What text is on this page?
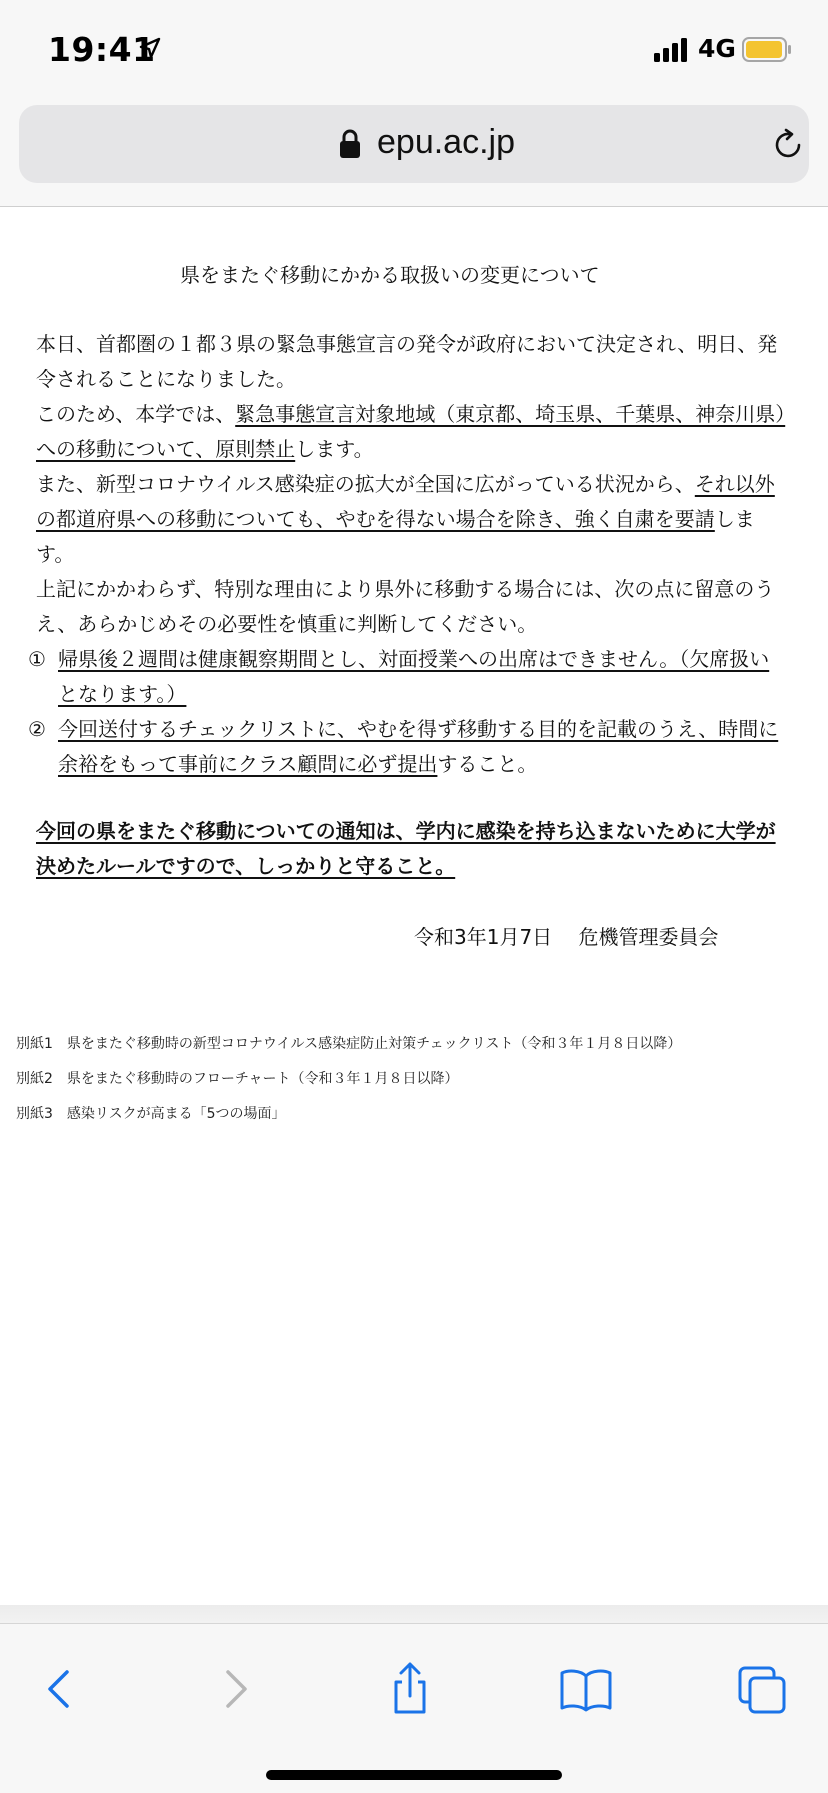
19:41	4G
epu.ac.jp
県をまたぐ移動にかかる取扱いの変更について

本日、首都圏の１都３県の緊急事態宣言の発令が政府において決定され、明日、発令されることになりました。

このため、本学では、緊急事態宣言対象地域（東京都、埼玉県、千葉県、神奈川県）への移動について、原則禁止します。

また、新型コロナウイルス感染症の拡大が全国に広がっている状況から、それ以外の都道府県への移動についても、やむを得ない場合を除き、強く自粛を要請します。

上記にかかわらず、特別な理由により県外に移動する場合には、次の点に留意のうえ、あらかじめその必要性を慎重に判断してください。

① 帰県後２週間は健康観察期間とし、対面授業への出席はできません。（欠席扱いとなります。）

② 今回送付するチェックリストに、やむを得ず移動する目的を記載のうえ、時間に余裕をもって事前にクラス顧問に必ず提出すること。

今回の県をまたぐ移動についての通知は、学内に感染を持ち込まないために大学が決めたルールですので、しっかりと守ること。

令和3年1月7日　 危機管理委員会
別紙1　県をまたぐ移動時の新型コロナウイルス感染症防止対策チェックリスト（令和３年１月８日以降）
別紙2　県をまたぐ移動時のフローチャート（令和３年１月８日以降）
別紙3　感染リスクが高まる「5つの場面」
